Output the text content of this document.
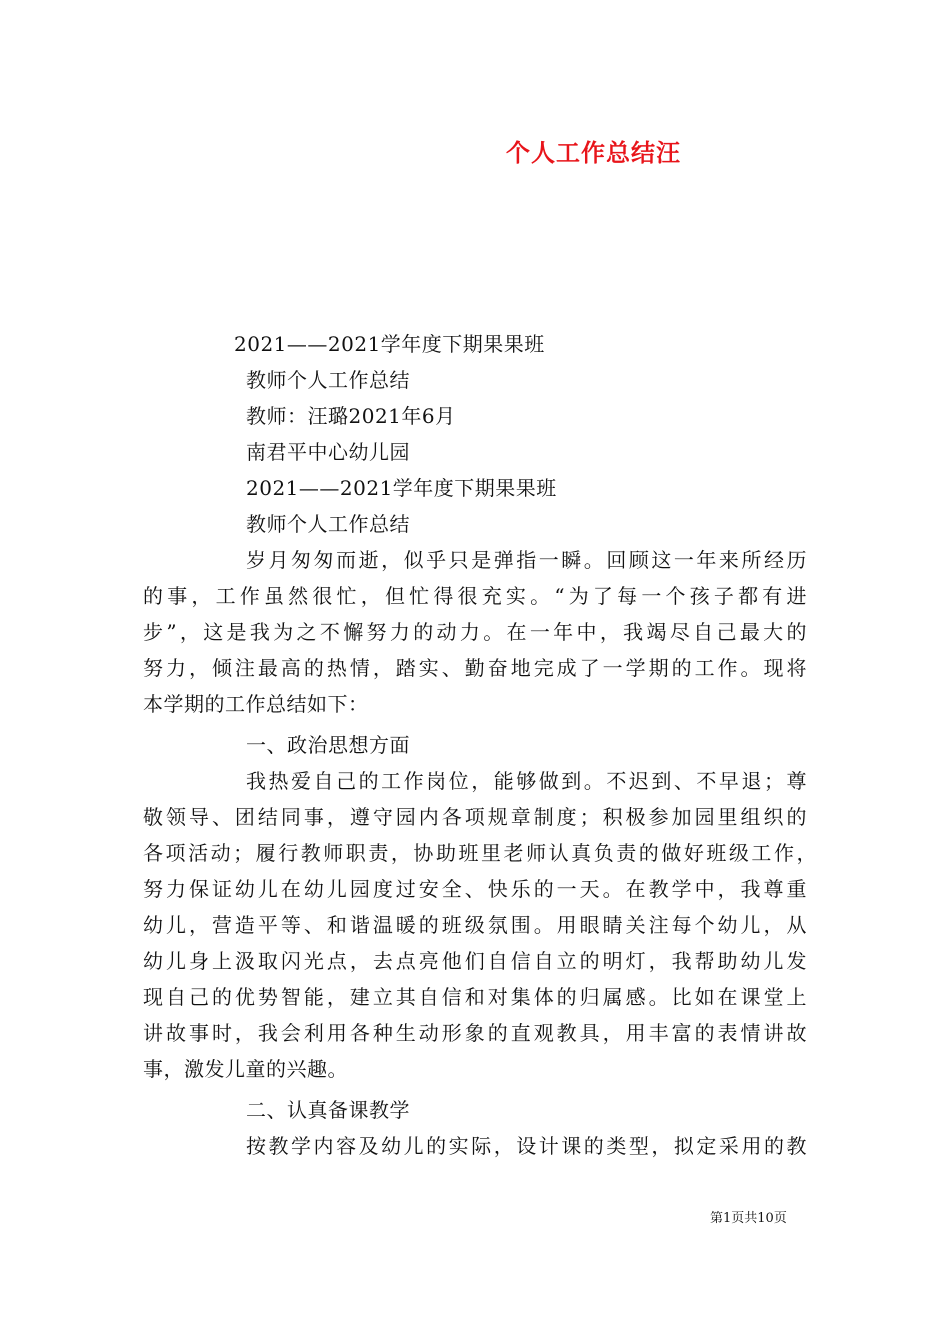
个人工作总结汪
2021——2021学年度下期果果班
教师个人工作总结
教师：汪璐2021年6月
南君平中心幼儿园
2021——2021学年度下期果果班
教师个人工作总结
岁月匆匆而逝，似乎只是弹指一瞬。回顾这一年来所经历
的事，工作虽然很忙，但忙得很充实。“为了每一个孩子都有进
步”，这是我为之不懈努力的动力。在一年中，我竭尽自己最大的
努力，倾注最高的热情，踏实、勤奋地完成了一学期的工作。现将
本学期的工作总结如下：
一、政治思想方面
我热爱自己的工作岗位，能够做到。不迟到、不早退；尊
敬领导、团结同事，遵守园内各项规章制度；积极参加园里组织的
各项活动；履行教师职责，协助班里老师认真负责的做好班级工作，
努力保证幼儿在幼儿园度过安全、快乐的一天。在教学中，我尊重
幼儿，营造平等、和谐温暖的班级氛围。用眼睛关注每个幼儿，从
幼儿身上汲取闪光点，去点亮他们自信自立的明灯，我帮助幼儿发
现自己的优势智能，建立其自信和对集体的归属感。比如在课堂上
讲故事时，我会利用各种生动形象的直观教具，用丰富的表情讲故
事，激发儿童的兴趣。
二、认真备课教学
按教学内容及幼儿的实际，设计课的类型，拟定采用的教
第1页共10页
